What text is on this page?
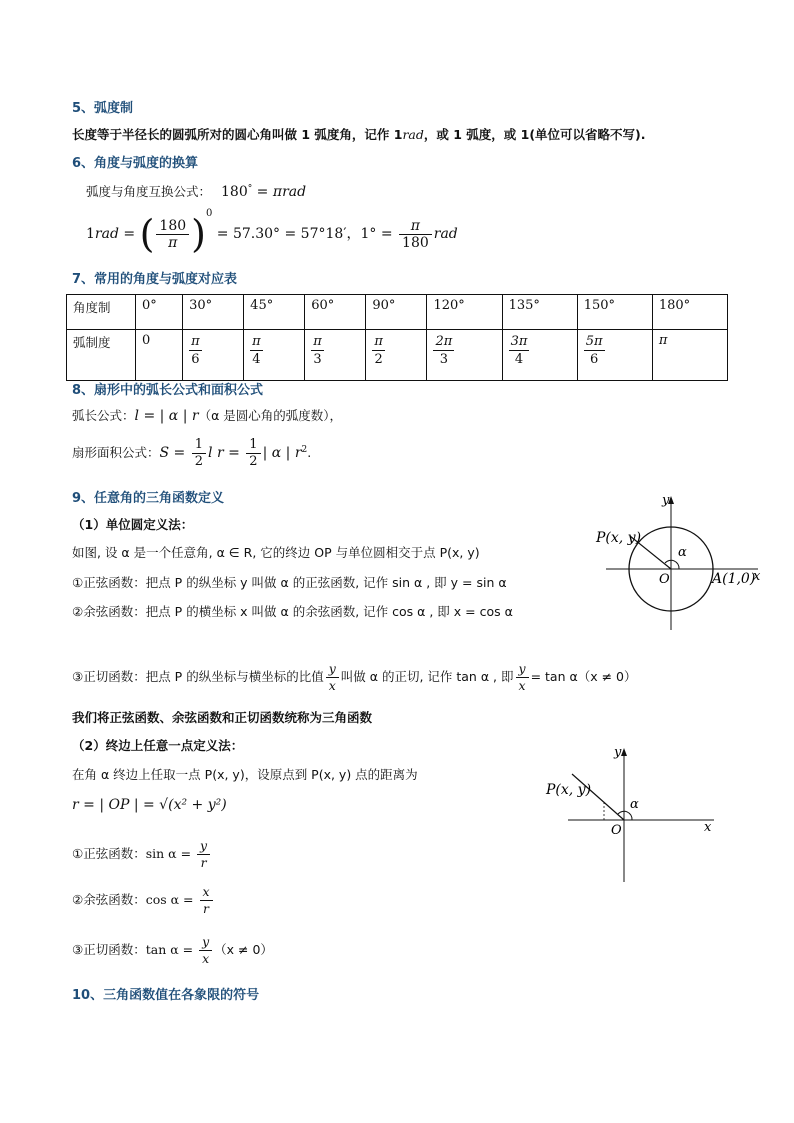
5、弧度制
长度等于半径长的圆弧所对的圆心角叫做 1 弧度角，记作 1rad，或 1 弧度，或 1(单位可以省略不写).
6、角度与弧度的换算
弧度与角度互换公式： 180° = πrad
1rad = ( $\frac{180}{\pi} )^0 = 57.30^\circ = 57^\circ 18'$，$1^\circ = \frac{\pi}{180}$ rad
7、常用的角度与弧度对应表
角度制	0°	30°	45°	60°	90°	120°	135°	150°	180°
弧制度	0	$\frac{\pi}{6}$	$\frac{\pi}{4}$	$\frac{\pi}{3}$	$\frac{\pi}{2}$	$\frac{2\pi}{3}$	$\frac{3\pi}{4}$	$\frac{5\pi}{6}$	π
8、扇形中的弧长公式和面积公式
弧长公式：l = | α | r（α 是圆心角的弧度数），
扇形面积公式：$S = \frac{1}{2}$ l $r = \frac{1}{2}$ | α | $r^2$.
9、任意角的三角函数定义
（1）单位圆定义法：
如图, 设 α 是一个任意角, α ∈ R, 它的终边 OP 与单位圆相交于点 P(x, y)
①正弦函数：把点 P 的纵坐标 y 叫做 α 的正弦函数, 记作 sin α , 即 y = sin α
②余弦函数：把点 P 的横坐标 x 叫做 α 的余弦函数, 记作 cos α , 即 x = cos α
③正切函数：把点 P 的纵坐标与横坐标的比值 $\frac{y}{x}$ 叫做 α 的正切, 记作 tan α , 即 $\frac{y}{x} = \tan \alpha(x \ne 0)$
我们将正弦函数、余弦函数和正切函数统称为三角函数
（2）终边上任意一点定义法：
在角 α 终边上任取一点 P(x, y)，设原点到 P(x, y) 点的距离为
r = | OP | = √(x² + y²)
①正弦函数：$\sin \alpha = \frac{y}{r}$
②余弦函数：$\cos \alpha = \frac{x}{r}$
③正切函数：$\tan \alpha = \frac{y}{x} (x \ne 0)$
P(x, y)
y
x
O
α
A(1,0)
P(x, y)
y
x
O
α
10、三角函数值在各象限的符号
